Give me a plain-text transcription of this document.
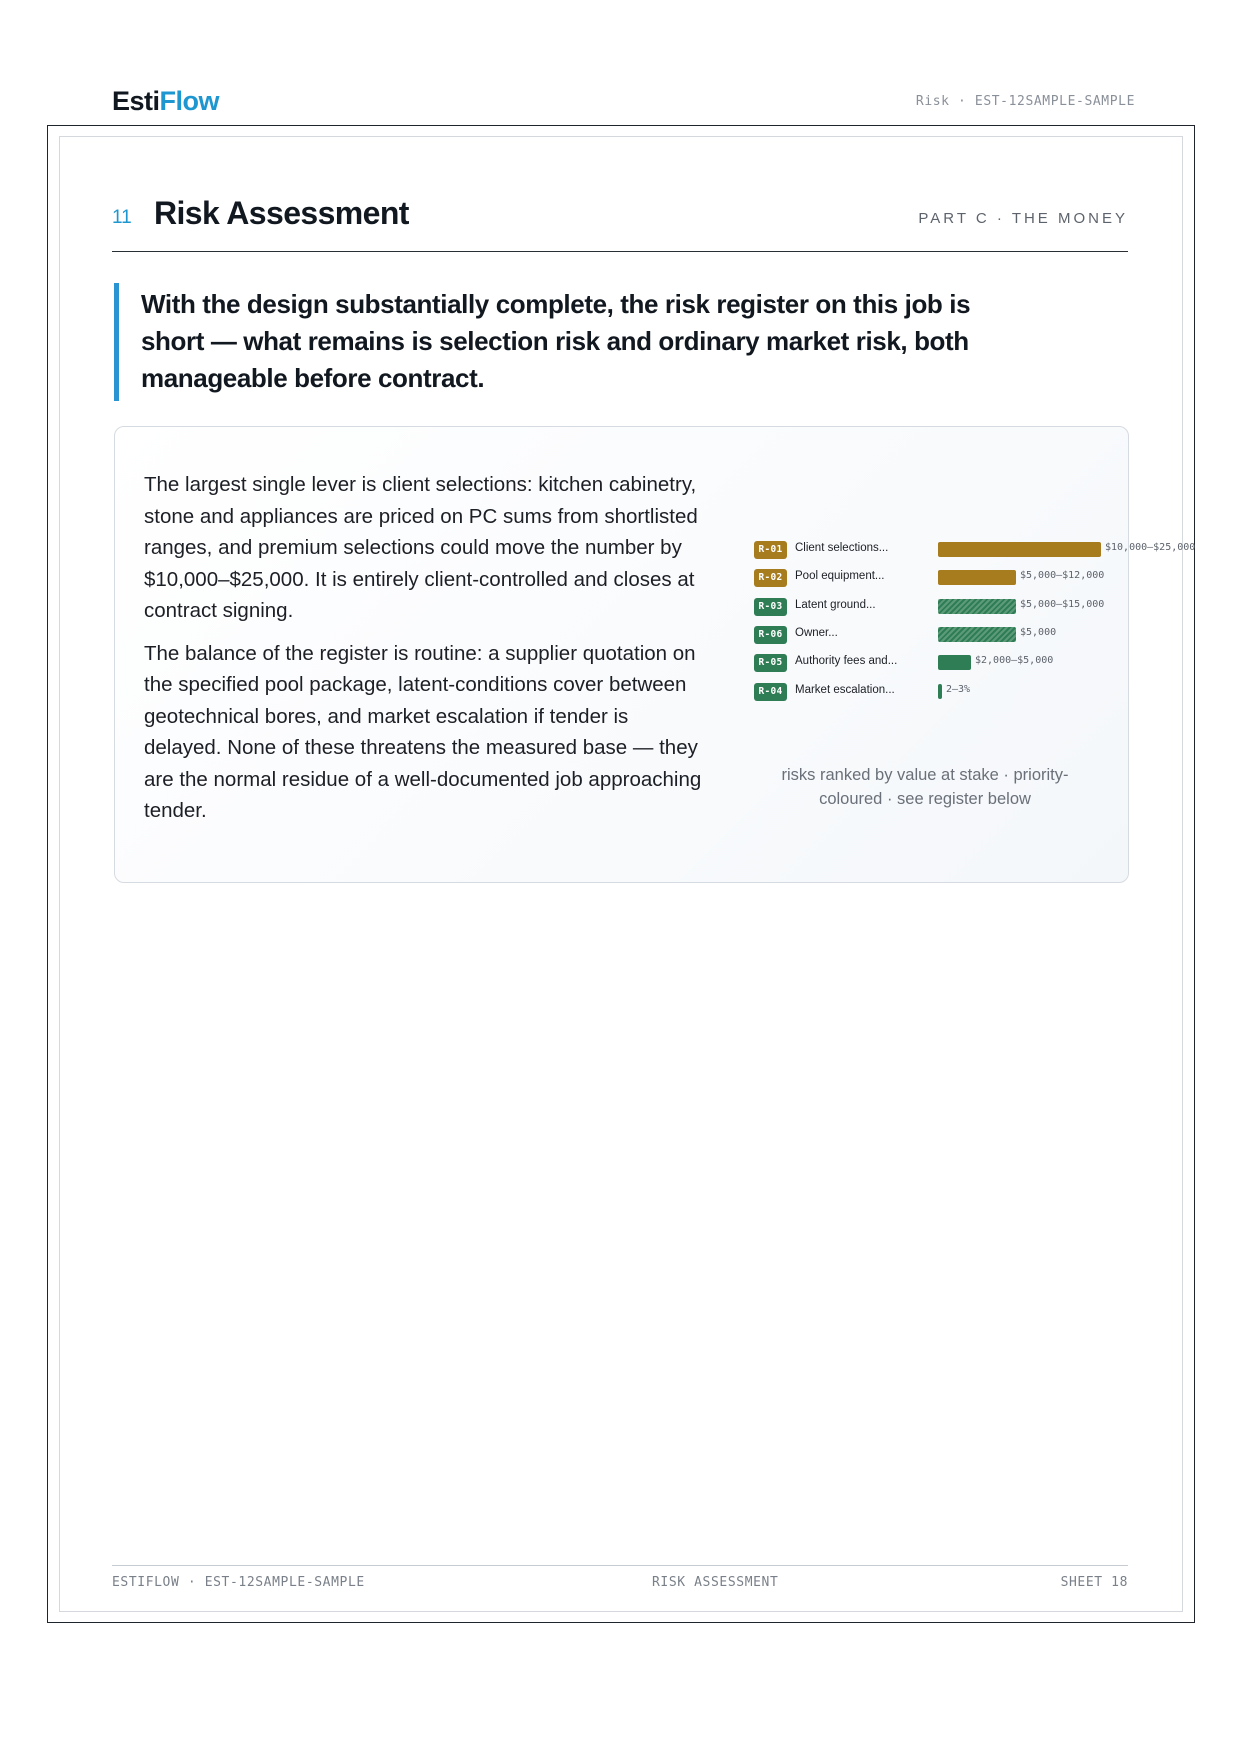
EstiFlow	Risk · EST-12SAMPLE-SAMPLE
11 Risk Assessment	PART C · THE MONEY

With the design substantially complete, the risk register on this job is short — what remains is selection risk and ordinary market risk, both manageable before contract.

The largest single lever is client selections: kitchen cabinetry, stone and appliances are priced on PC sums from shortlisted ranges, and premium selections could move the number by $10,000–$25,000. It is entirely client-controlled and closes at contract signing.

The balance of the register is routine: a supplier quotation on the specified pool package, latent-conditions cover between geotechnical bores, and market escalation if tender is delayed. None of these threatens the measured base — they are the normal residue of a well-documented job approaching tender.

R-01	Client selections...	$10,000–$25,000
R-02	Pool equipment...	$5,000–$12,000
R-03	Latent ground...	$5,000–$15,000
R-06	Owner...	$5,000
R-05	Authority fees and...	$2,000–$5,000
R-04	Market escalation...	2–3%
risks ranked by value at stake · priority-coloured · see register below
ESTIFLOW · EST-12SAMPLE-SAMPLE	RISK ASSESSMENT	SHEET 18
